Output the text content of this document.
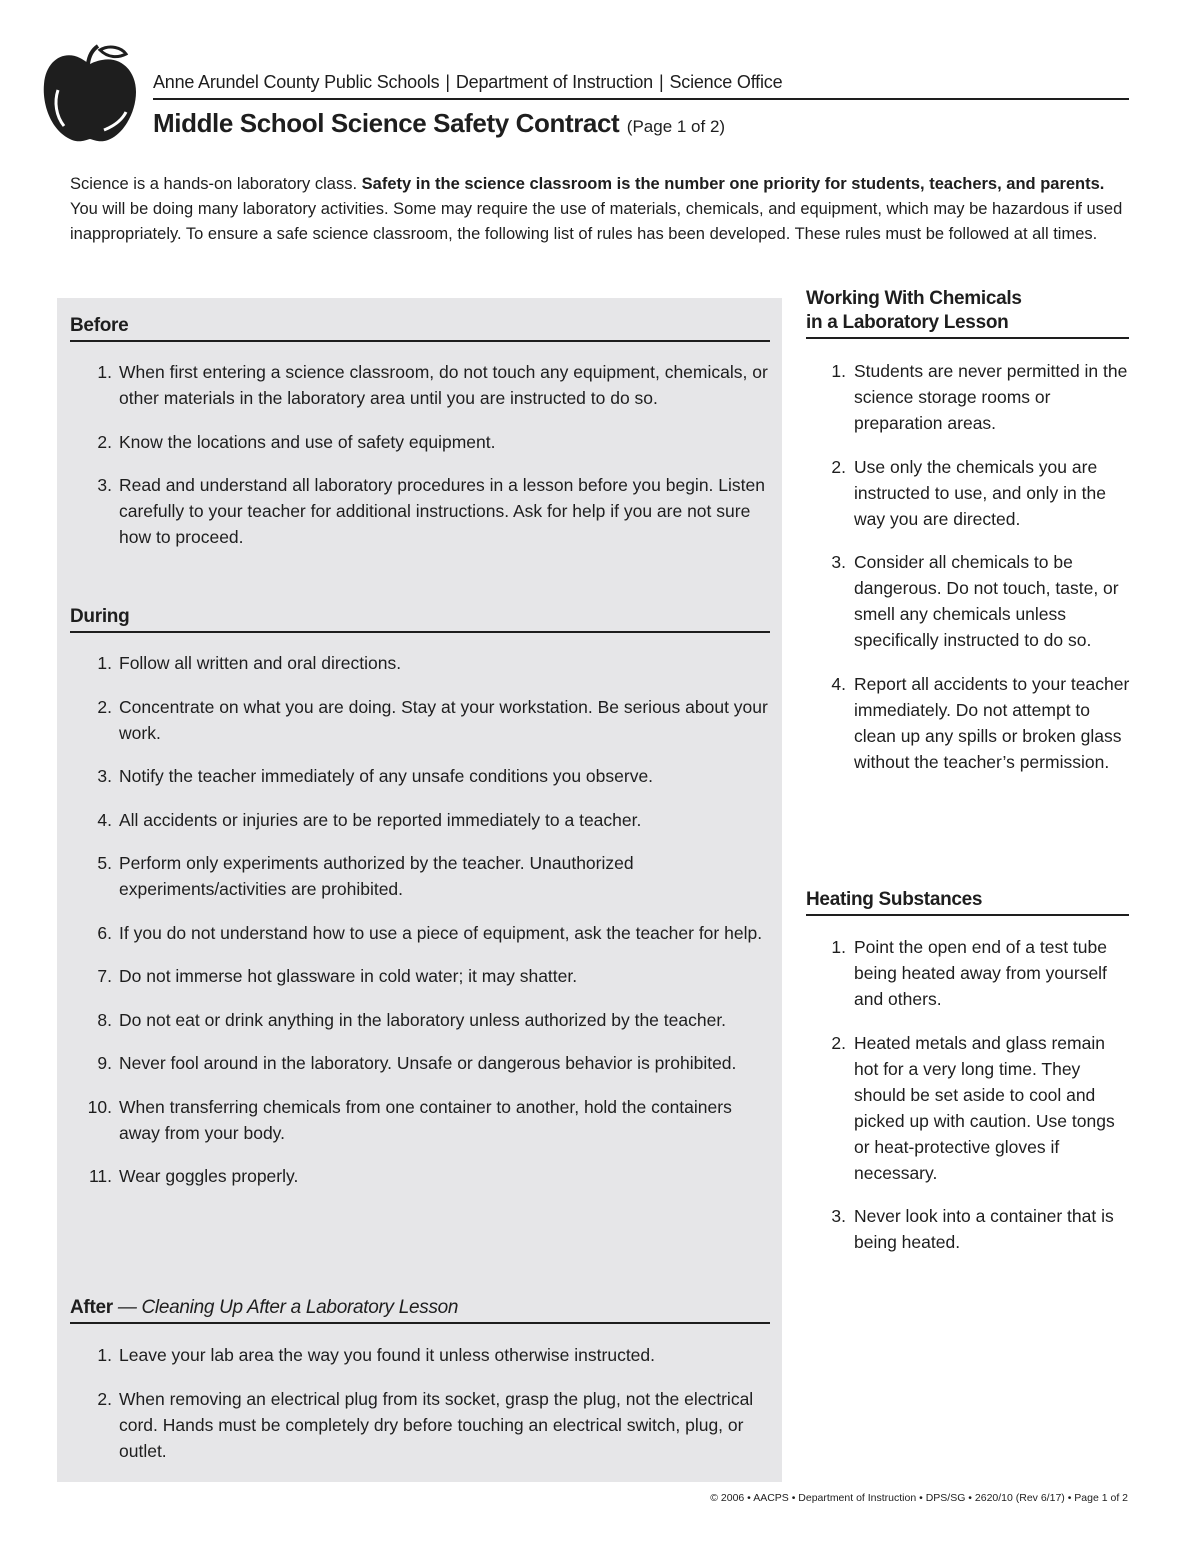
Anne Arundel County Public Schools | Department of Instruction | Science Office
Middle School Science Safety Contract (Page 1 of 2)

Science is a hands-on laboratory class. Safety in the science classroom is the number one priority for students, teachers, and parents. You will be doing many laboratory activities. Some may require the use of materials, chemicals, and equipment, which may be hazardous if used inappropriately. To ensure a safe science classroom, the following list of rules has been developed. These rules must be followed at all times.

Before
1. When first entering a science classroom, do not touch any equipment, chemicals, or other materials in the laboratory area until you are instructed to do so.
2. Know the locations and use of safety equipment.
3. Read and understand all laboratory procedures in a lesson before you begin. Listen carefully to your teacher for additional instructions. Ask for help if you are not sure how to proceed.
During
1. Follow all written and oral directions.
2. Concentrate on what you are doing. Stay at your workstation. Be serious about your work.
3. Notify the teacher immediately of any unsafe conditions you observe.
4. All accidents or injuries are to be reported immediately to a teacher.
5. Perform only experiments authorized by the teacher. Unauthorized experiments/activities are prohibited.
6. If you do not understand how to use a piece of equipment, ask the teacher for help.
7. Do not immerse hot glassware in cold water; it may shatter.
8. Do not eat or drink anything in the laboratory unless authorized by the teacher.
9. Never fool around in the laboratory. Unsafe or dangerous behavior is prohibited.
10. When transferring chemicals from one container to another, hold the containers away from your body.
11. Wear goggles properly.
After — Cleaning Up After a Laboratory Lesson
1. Leave your lab area the way you found it unless otherwise instructed.
2. When removing an electrical plug from its socket, grasp the plug, not the electrical cord. Hands must be completely dry before touching an electrical switch, plug, or outlet.
Working With Chemicals
in a Laboratory Lesson
1. Students are never permitted in the science storage rooms or preparation areas.
2. Use only the chemicals you are instructed to use, and only in the way you are directed.
3. Consider all chemicals to be dangerous. Do not touch, taste, or smell any chemicals unless specifically instructed to do so.
4. Report all accidents to your teacher immediately. Do not attempt to clean up any spills or broken glass without the teacher’s permission.
Heating Substances
1. Point the open end of a test tube being heated away from yourself and others.
2. Heated metals and glass remain hot for a very long time. They should be set aside to cool and picked up with caution. Use tongs or heat-protective gloves if necessary.
3. Never look into a container that is being heated.
© 2006 • AACPS • Department of Instruction • DPS/SG • 2620/10 (Rev 6/17) • Page 1 of 2
